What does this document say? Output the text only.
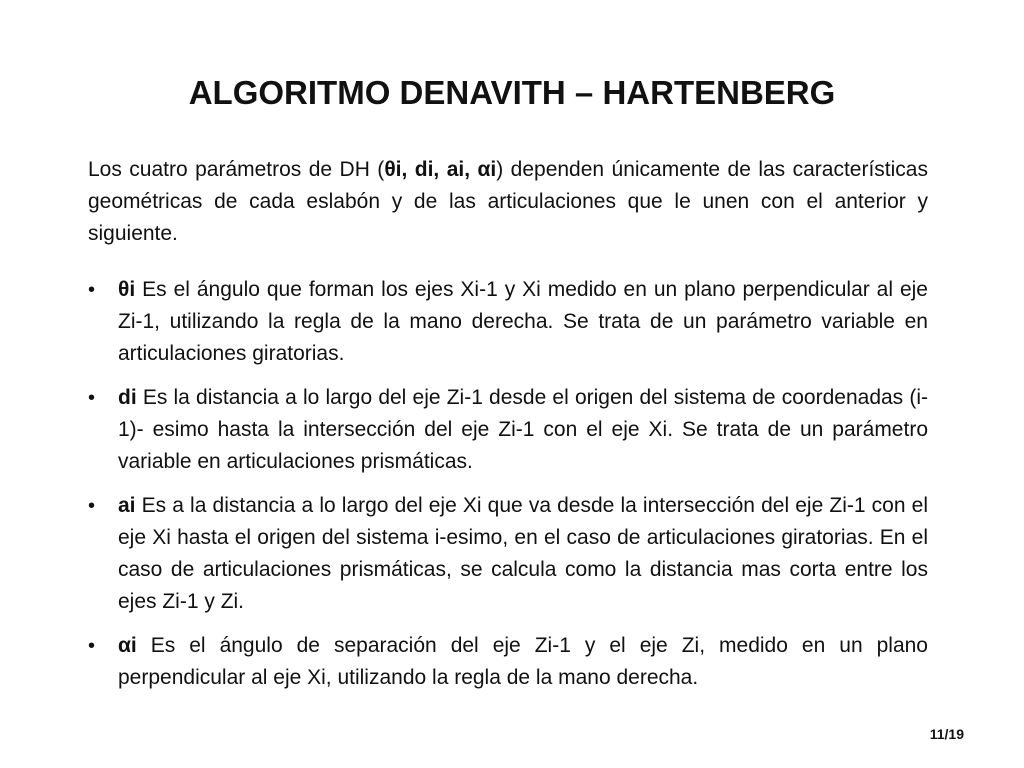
ALGORITMO DENAVITH – HARTENBERG

Los cuatro parámetros de DH (θi, di, ai, αi) dependen únicamente de las características geométricas de cada eslabón y de las articulaciones que le unen con el anterior y siguiente.

• θi Es el ángulo que forman los ejes Xi-1 y Xi medido en un plano perpendicular al eje Zi-1, utilizando la regla de la mano derecha. Se trata de un parámetro variable en articulaciones giratorias.
• di Es la distancia a lo largo del eje Zi-1 desde el origen del sistema de coordenadas (i-1)- esimo hasta la intersección del eje Zi-1 con el eje Xi. Se trata de un parámetro variable en articulaciones prismáticas.
• ai Es a la distancia a lo largo del eje Xi que va desde la intersección del eje Zi-1 con el eje Xi hasta el origen del sistema i-esimo, en el caso de articulaciones giratorias. En el caso de articulaciones prismáticas, se calcula como la distancia mas corta entre los ejes Zi-1 y Zi.
• αi Es el ángulo de separación del eje Zi-1 y el eje Zi, medido en un plano perpendicular al eje Xi, utilizando la regla de la mano derecha.
11/19
